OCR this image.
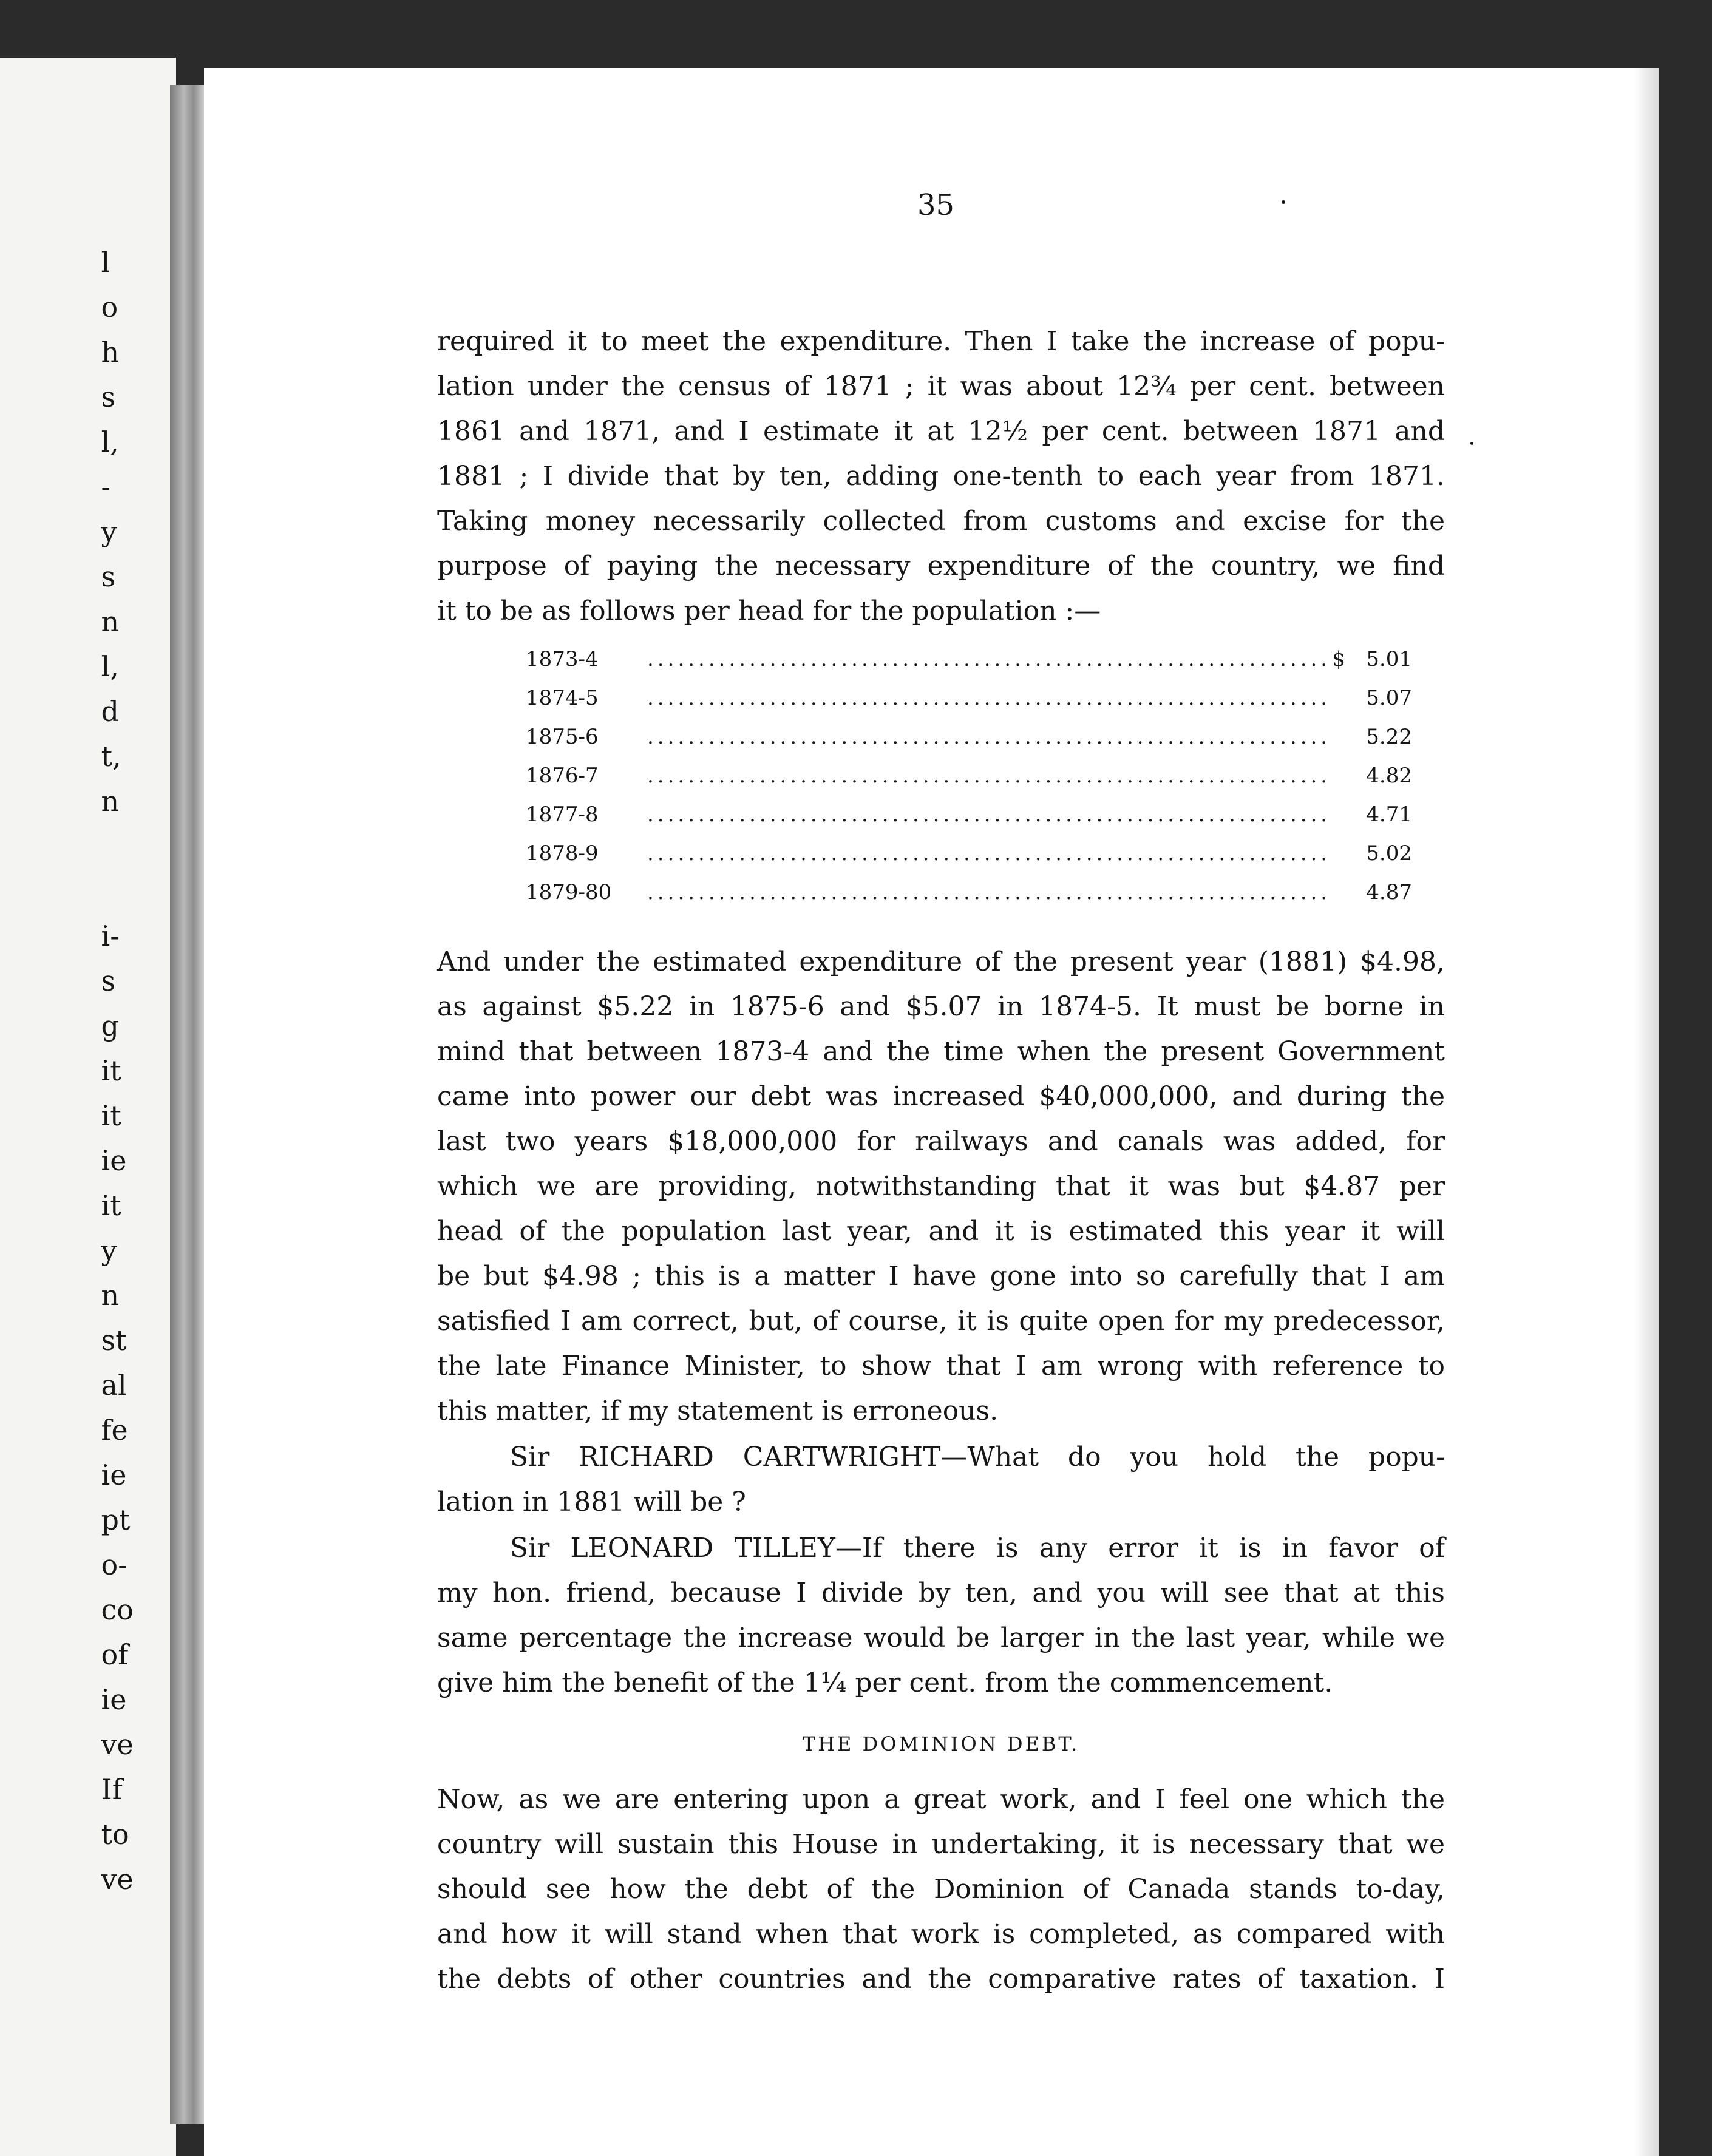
l
o
h
s
l,
-
y
s
n
l,
d
t,
n
i-
s
g
it
it
ie
it
y
n
st
al
fe
ie
pt
o-
co
of
ie
ve
If
to
ve
35
required it to meet the expenditure. Then I take the increase of popu-
lation under the census of 1871 ; it was about 12¾ per cent. between
1861 and 1871, and I estimate it at 12½ per cent. between 1871 and
1881 ; I divide that by ten, adding one-tenth to each year from 1871.
Taking money necessarily collected from customs and excise for the
purpose of paying the necessary expenditure of the country, we find
it to be as follows per head for the population :—
1873-4 .....	$	5.01
1874-5 .....	5.07
1875-6 .....	5.22
1876-7 .....	4.82
1877-8 .....	4.71
1878-9 .....	5.02
1879-80 .....	4.87
And under the estimated expenditure of the present year (1881) $4.98,
as against $5.22 in 1875-6 and $5.07 in 1874-5. It must be borne in
mind that between 1873-4 and the time when the present Government
came into power our debt was increased $40,000,000, and during the
last two years $18,000,000 for railways and canals was added, for
which we are providing, notwithstanding that it was but $4.87 per
head of the population last year, and it is estimated this year it will
be but $4.98 ; this is a matter I have gone into so carefully that I am
satisfied I am correct, but, of course, it is quite open for my predecessor,
the late Finance Minister, to show that I am wrong with reference to
this matter, if my statement is erroneous.
Sir RICHARD CARTWRIGHT—What do you hold the popu-
lation in 1881 will be ?
Sir LEONARD TILLEY—If there is any error it is in favor of
my hon. friend, because I divide by ten, and you will see that at this
same percentage the increase would be larger in the last year, while we
give him the benefit of the 1¼ per cent. from the commencement.
THE DOMINION DEBT.
Now, as we are entering upon a great work, and I feel one which the
country will sustain this House in undertaking, it is necessary that we
should see how the debt of the Dominion of Canada stands to-day,
and how it will stand when that work is completed, as compared with
the debts of other countries and the comparative rates of taxation. I
